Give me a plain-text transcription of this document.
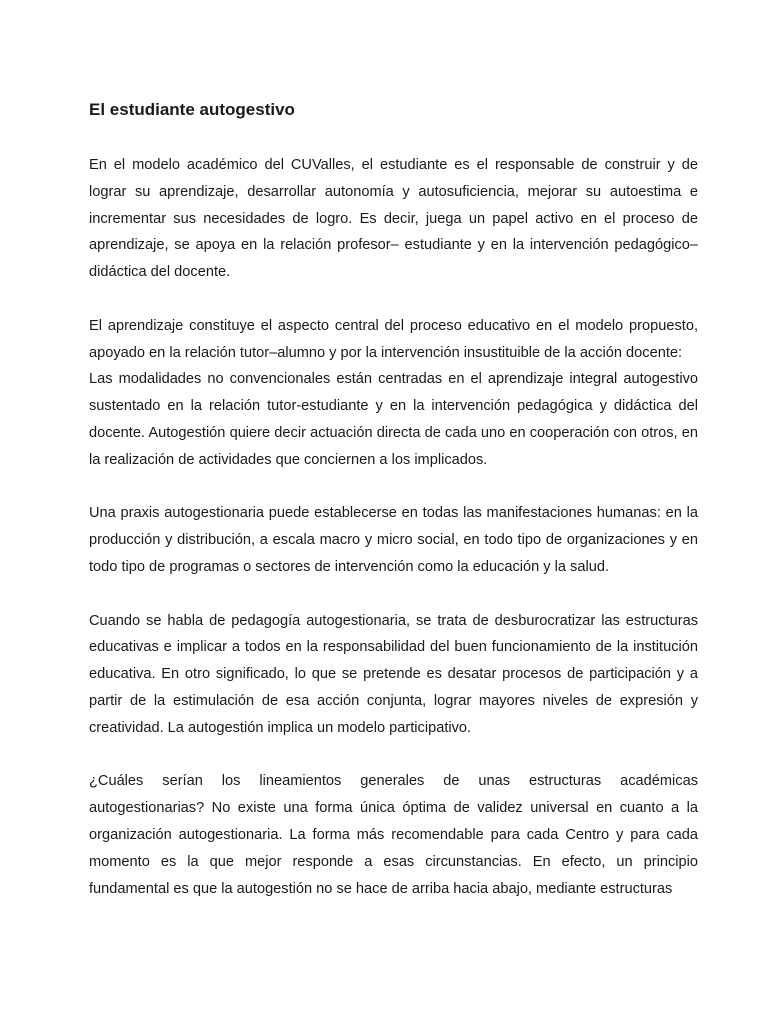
El estudiante autogestivo

En el modelo académico del CUValles, el estudiante es el responsable de construir y de lograr su aprendizaje, desarrollar autonomía y autosuficiencia, mejorar su autoestima e incrementar sus necesidades de logro. Es decir, juega un papel activo en el proceso de aprendizaje, se apoya en la relación profesor– estudiante y en la intervención pedagógico–didáctica del docente.

El aprendizaje constituye el aspecto central del proceso educativo en el modelo propuesto, apoyado en la relación tutor–alumno y por la intervención insustituible de la acción docente:
Las modalidades no convencionales están centradas en el aprendizaje integral autogestivo sustentado en la relación tutor-estudiante y en la intervención pedagógica y didáctica del docente. Autogestión quiere decir actuación directa de cada uno en cooperación con otros, en la realización de actividades que conciernen a los implicados.

Una praxis autogestionaria puede establecerse en todas las manifestaciones humanas: en la producción y distribución, a escala macro y micro social, en todo tipo de organizaciones y en todo tipo de programas o sectores de intervención como la educación y la salud.

Cuando se habla de pedagogía autogestionaria, se trata de desburocratizar las estructuras educativas e implicar a todos en la responsabilidad del buen funcionamiento de la institución educativa. En otro significado, lo que se pretende es desatar procesos de participación y a partir de la estimulación de esa acción conjunta, lograr mayores niveles de expresión y creatividad. La autogestión implica un modelo participativo.

¿Cuáles serían los lineamientos generales de unas estructuras académicas autogestionarias? No existe una forma única óptima de validez universal en cuanto a la organización autogestionaria. La forma más recomendable para cada Centro y para cada momento es la que mejor responde a esas circunstancias. En efecto, un principio fundamental es que la autogestión no se hace de arriba hacia abajo, mediante estructuras
